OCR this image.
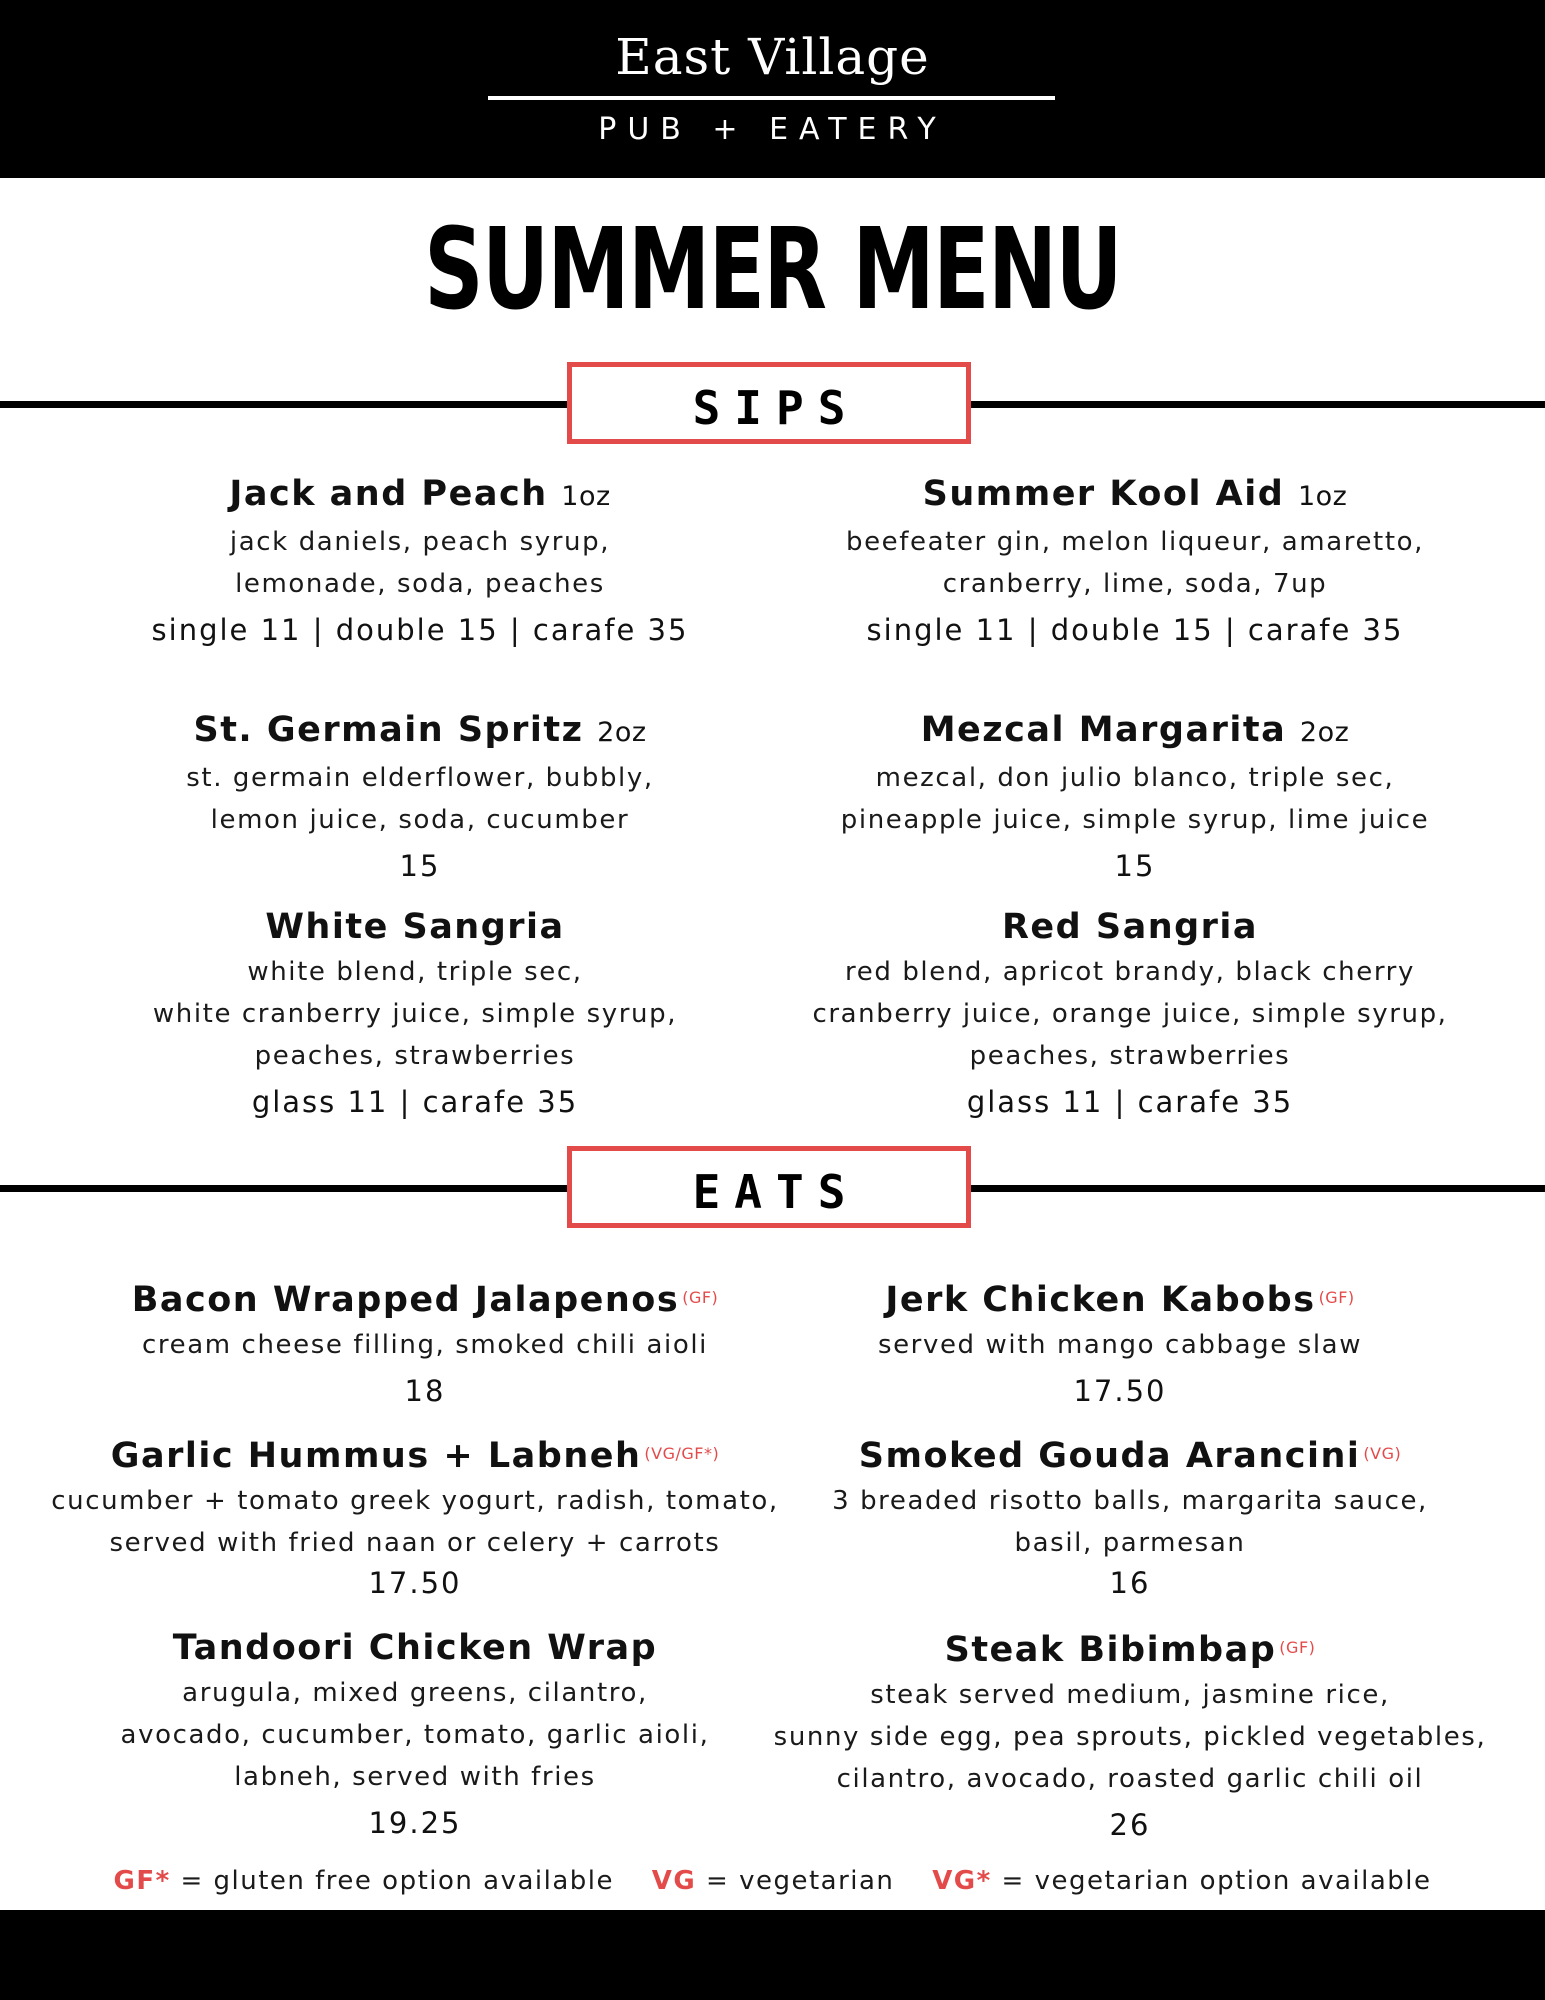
East Village
PUB + EATERY
SUMMER MENU
SIPS
Jack and Peach 1oz
jack daniels, peach syrup,
lemonade, soda, peaches
single 11 | double 15 | carafe 35
Summer Kool Aid 1oz
beefeater gin, melon liqueur, amaretto,
cranberry, lime, soda, 7up
single 11 | double 15 | carafe 35
St. Germain Spritz 2oz
st. germain elderflower, bubbly,
lemon juice, soda, cucumber
15
Mezcal Margarita 2oz
mezcal, don julio blanco, triple sec,
pineapple juice, simple syrup, lime juice
15
White Sangria
white blend, triple sec,
white cranberry juice, simple syrup,
peaches, strawberries
glass 11 | carafe 35
Red Sangria
red blend, apricot brandy, black cherry
cranberry juice, orange juice, simple syrup,
peaches, strawberries
glass 11 | carafe 35
EATS
Bacon Wrapped Jalapenos $^{(GF)}$
cream cheese filling, smoked chili aioli
18
Jerk Chicken Kabobs $^{(GF)}$
served with mango cabbage slaw
17.50
Garlic Hummus + Labneh $^{(VG/GF*)}$
cucumber + tomato greek yogurt, radish, tomato,
served with fried naan or celery + carrots
17.50
Smoked Gouda Arancini $^{(VG)}$
3 breaded risotto balls, margarita sauce,
basil, parmesan
16
Tandoori Chicken Wrap
arugula, mixed greens, cilantro,
avocado, cucumber, tomato, garlic aioli,
labneh, served with fries
19.25
Steak Bibimbap $^{(GF)}$
steak served medium, jasmine rice,
sunny side egg, pea sprouts, pickled vegetables,
cilantro, avocado, roasted garlic chili oil
26
GF* = gluten free option available VG = vegetarian VG* = vegetarian option available
